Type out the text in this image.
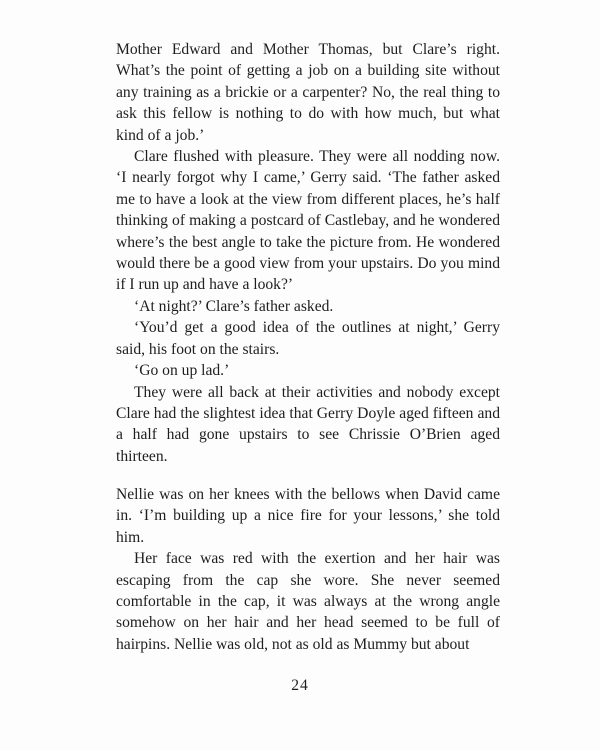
Mother Edward and Mother Thomas, but Clare’s right. What’s the point of getting a job on a building site without any training as a brickie or a carpenter? No, the real thing to ask this fellow is nothing to do with how much, but what kind of a job.’

Clare flushed with pleasure. They were all nodding now. ‘I nearly forgot why I came,’ Gerry said. ‘The father asked me to have a look at the view from different places, he’s half thinking of making a postcard of Castlebay, and he wondered where’s the best angle to take the picture from. He wondered would there be a good view from your upstairs. Do you mind if I run up and have a look?’

‘At night?’ Clare’s father asked.

‘You’d get a good idea of the outlines at night,’ Gerry said, his foot on the stairs.

‘Go on up lad.’

They were all back at their activities and nobody except Clare had the slightest idea that Gerry Doyle aged fifteen and a half had gone upstairs to see Chrissie O’Brien aged thirteen.

Nellie was on her knees with the bellows when David came in. ‘I’m building up a nice fire for your lessons,’ she told him.

Her face was red with the exertion and her hair was escaping from the cap she wore. She never seemed comfortable in the cap, it was always at the wrong angle somehow on her hair and her head seemed to be full of hairpins. Nellie was old, not as old as Mummy but about

24
